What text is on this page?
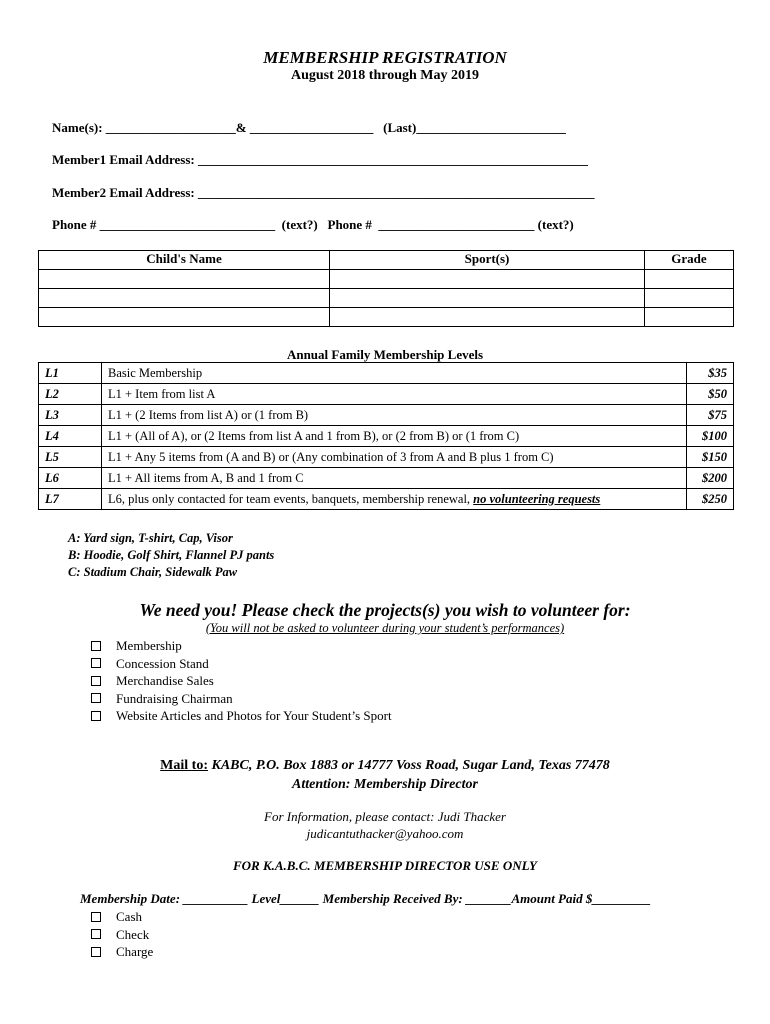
MEMBERSHIP REGISTRATION
August 2018 through May 2019
Name(s): ____________________& ___________________   (Last)_______________________
Member1 Email Address: ____________________________________________________________
Member2 Email Address: _____________________________________________________________
Phone # ___________________________  (text?)   Phone #  ________________________ (text?)
Child's Name	Sport(s)	Grade

Annual Family Membership Levels
L1	Basic Membership	$35
L2	L1 + Item from list A	$50
L3	L1 + (2 Items from list A) or (1 from B)	$75
L4	L1 + (All of A), or (2 Items from list A and 1 from B), or (2 from B) or (1 from C)	$100
L5	L1 + Any 5 items from (A and B) or (Any combination of 3 from A and B plus 1 from C)	$150
L6	L1 + All items from A, B and 1 from C	$200
L7	L6, plus only contacted for team events, banquets, membership renewal, no volunteering requests	$250
A: Yard sign, T-shirt, Cap, Visor
B: Hoodie, Golf Shirt, Flannel PJ pants
C: Stadium Chair, Sidewalk Paw
We need you! Please check the projects(s) you wish to volunteer for:
(You will not be asked to volunteer during your student’s performances)
Membership
Concession Stand
Merchandise Sales
Fundraising Chairman
Website Articles and Photos for Your Student’s Sport
Mail to: KABC, P.O. Box 1883 or 14777 Voss Road, Sugar Land, Texas 77478
Attention: Membership Director
For Information, please contact: Judi Thacker
judicantuthacker@yahoo.com
FOR K.A.B.C. MEMBERSHIP DIRECTOR USE ONLY
Membership Date: __________ Level______ Membership Received By: _______Amount Paid $_________
Cash
Check
Charge
